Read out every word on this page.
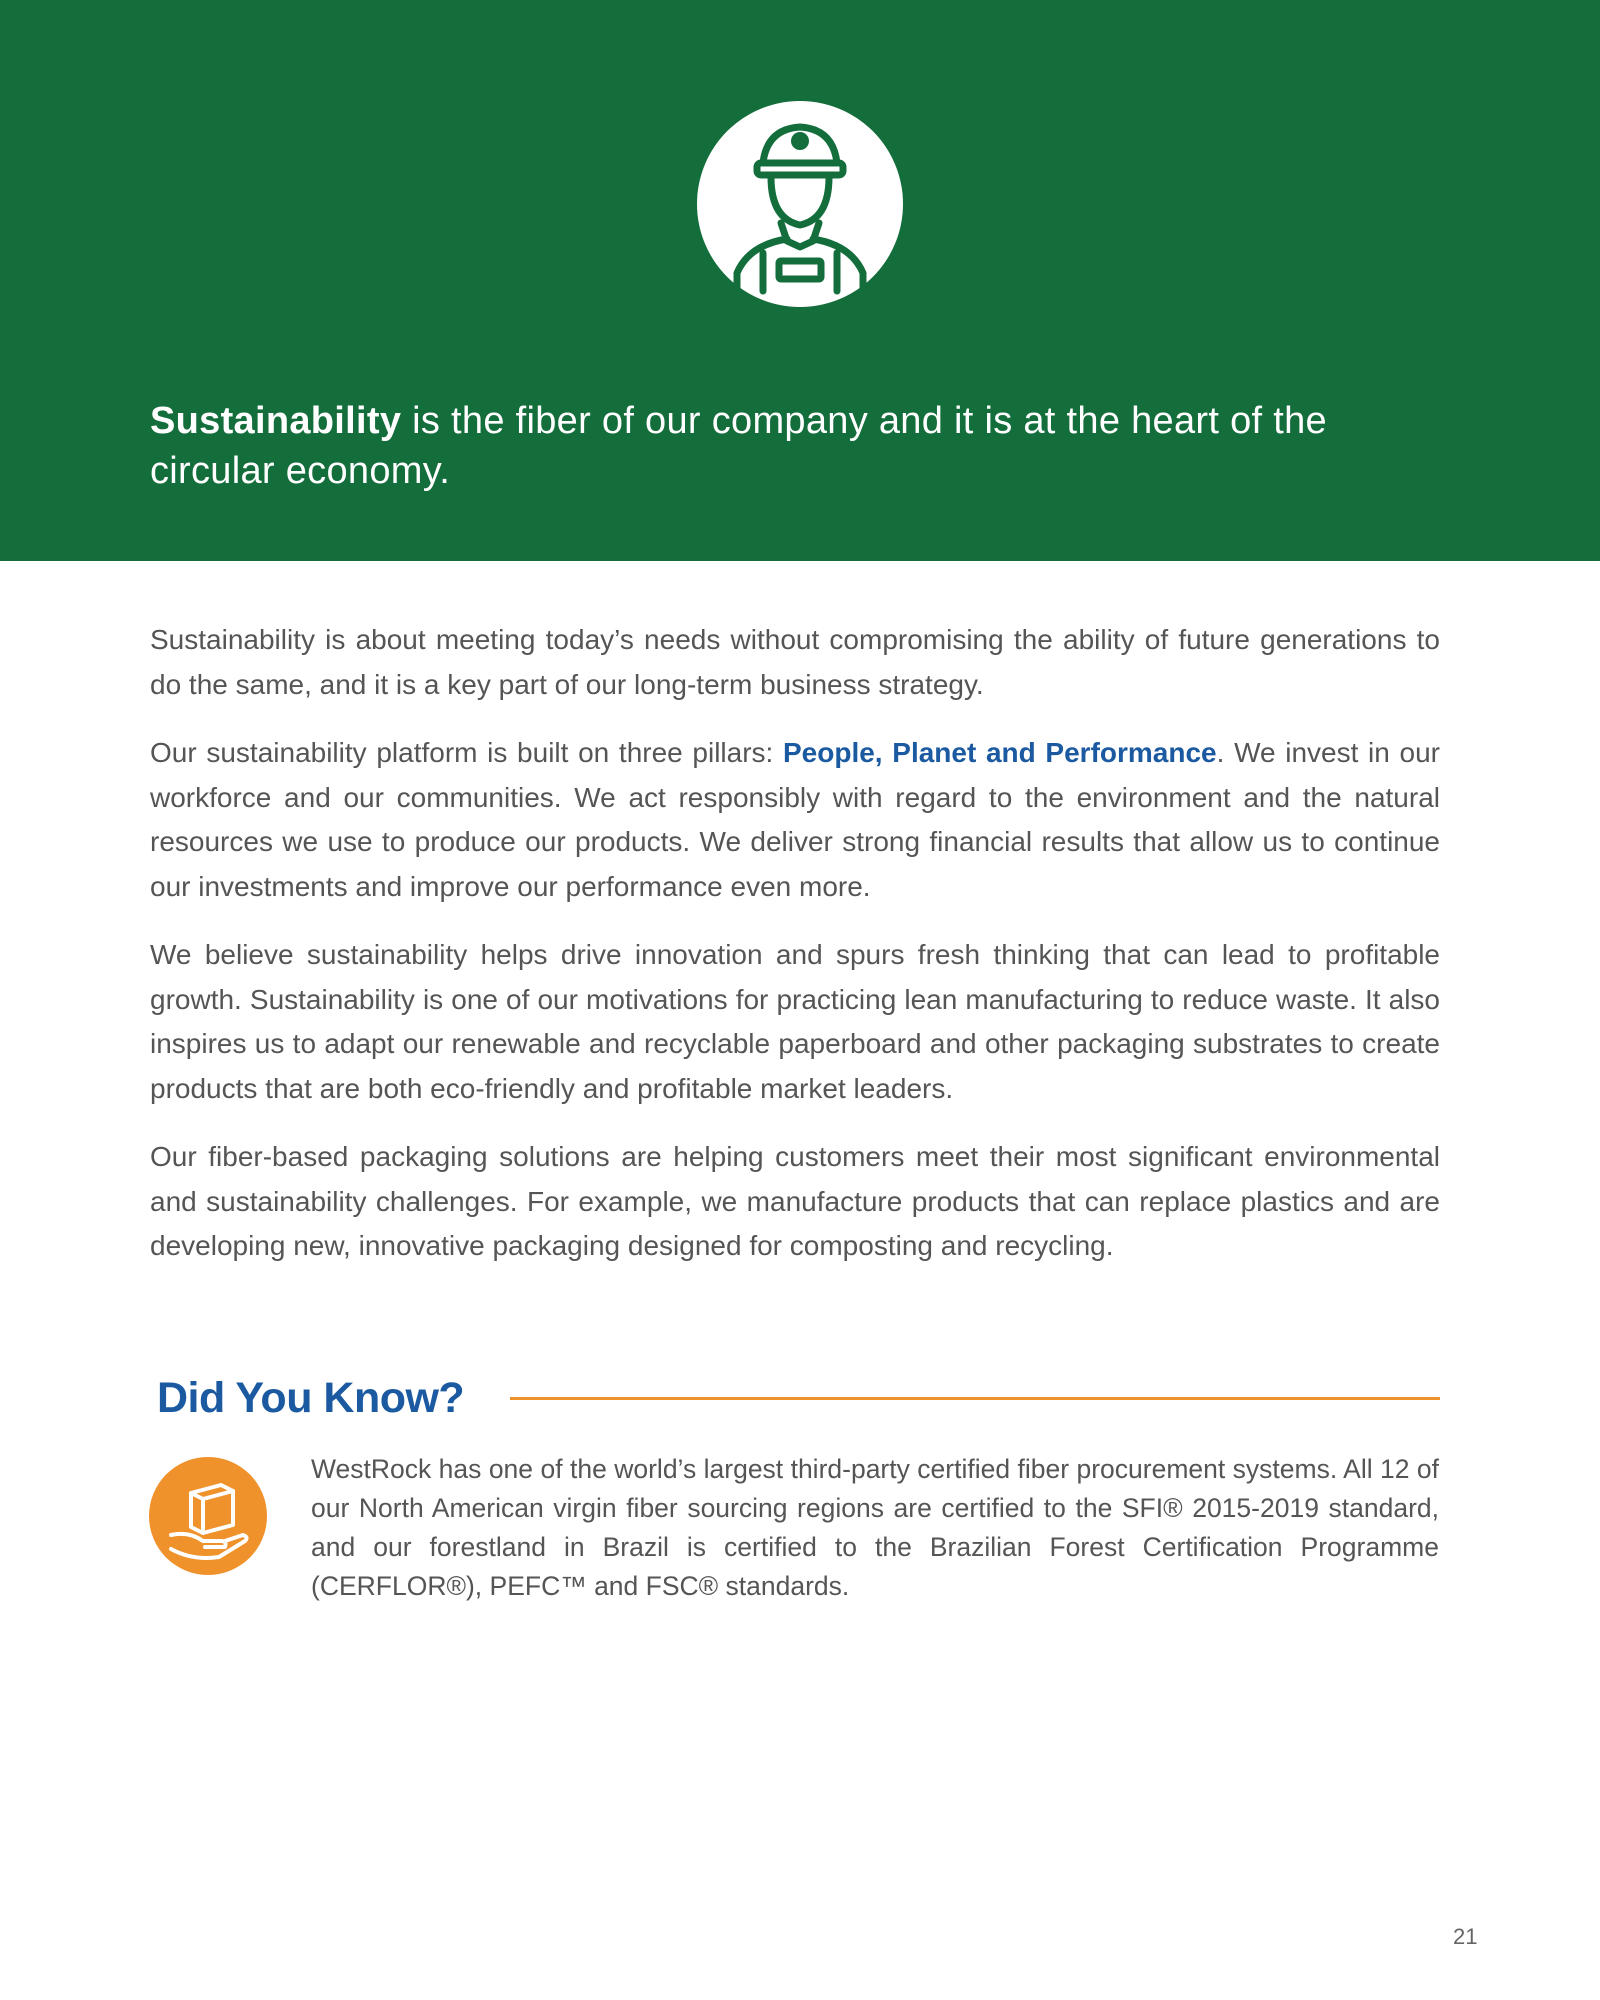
Sustainability is the fiber of our company and it is at the heart of the circular economy.

Sustainability is about meeting today’s needs without compromising the ability of future generations to do the same, and it is a key part of our long-term business strategy.

Our sustainability platform is built on three pillars: People, Planet and Performance. We invest in our workforce and our communities. We act responsibly with regard to the environment and the natural resources we use to produce our products. We deliver strong financial results that allow us to continue our investments and improve our performance even more.

We believe sustainability helps drive innovation and spurs fresh thinking that can lead to profitable growth. Sustainability is one of our motivations for practicing lean manufacturing to reduce waste. It also inspires us to adapt our renewable and recyclable paperboard and other packaging substrates to create products that are both eco-friendly and profitable market leaders.

Our fiber-based packaging solutions are helping customers meet their most significant environmental and sustainability challenges. For example, we manufacture products that can replace plastics and are developing new, innovative packaging designed for composting and recycling.

Did You Know?
WestRock has one of the world’s largest third-party certified fiber procurement systems. All 12 of our North American virgin fiber sourcing regions are certified to the SFI® 2015-2019 standard, and our forestland in Brazil is certified to the Brazilian Forest Certification Programme (CERFLOR®), PEFC™ and FSC® standards.
21
